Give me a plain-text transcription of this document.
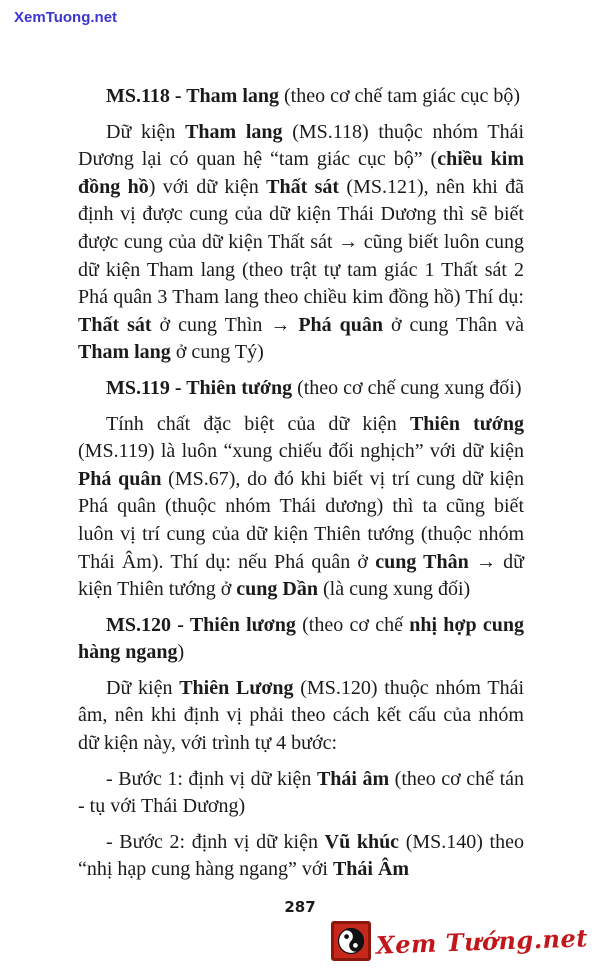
XemTuong.net

MS.118 - Tham lang (theo cơ chế tam giác cục bộ)

Dữ kiện Tham lang (MS.118) thuộc nhóm Thái Dương lại có quan hệ “tam giác cục bộ” (chiều kim đồng hồ) với dữ kiện Thất sát (MS.121), nên khi đã định vị được cung của dữ kiện Thái Dương thì sẽ biết được cung của dữ kiện Thất sát → cũng biết luôn cung dữ kiện Tham lang (theo trật tự tam giác 1 Thất sát 2 Phá quân 3 Tham lang theo chiều kim đồng hồ) Thí dụ: Thất sát ở cung Thìn → Phá quân ở cung Thân và Tham lang ở cung Tý)

MS.119 - Thiên tướng (theo cơ chế cung xung đối)

Tính chất đặc biệt của dữ kiện Thiên tướng (MS.119) là luôn “xung chiếu đối nghịch” với dữ kiện Phá quân (MS.67), do đó khi biết vị trí cung dữ kiện Phá quân (thuộc nhóm Thái dương) thì ta cũng biết luôn vị trí cung của dữ kiện Thiên tướng (thuộc nhóm Thái Âm). Thí dụ: nếu Phá quân ở cung Thân → dữ kiện Thiên tướng ở cung Dần (là cung xung đối)

MS.120 - Thiên lương (theo cơ chế nhị hợp cung hàng ngang)

Dữ kiện Thiên Lương (MS.120) thuộc nhóm Thái âm, nên khi định vị phải theo cách kết cấu của nhóm dữ kiện này, với trình tự 4 bước:

- Bước 1: định vị dữ kiện Thái âm (theo cơ chế tán - tụ với Thái Dương)

- Bước 2: định vị dữ kiện Vũ khúc (MS.140) theo “nhị hạp cung hàng ngang” với Thái Âm

287
Xem Tướng.net
